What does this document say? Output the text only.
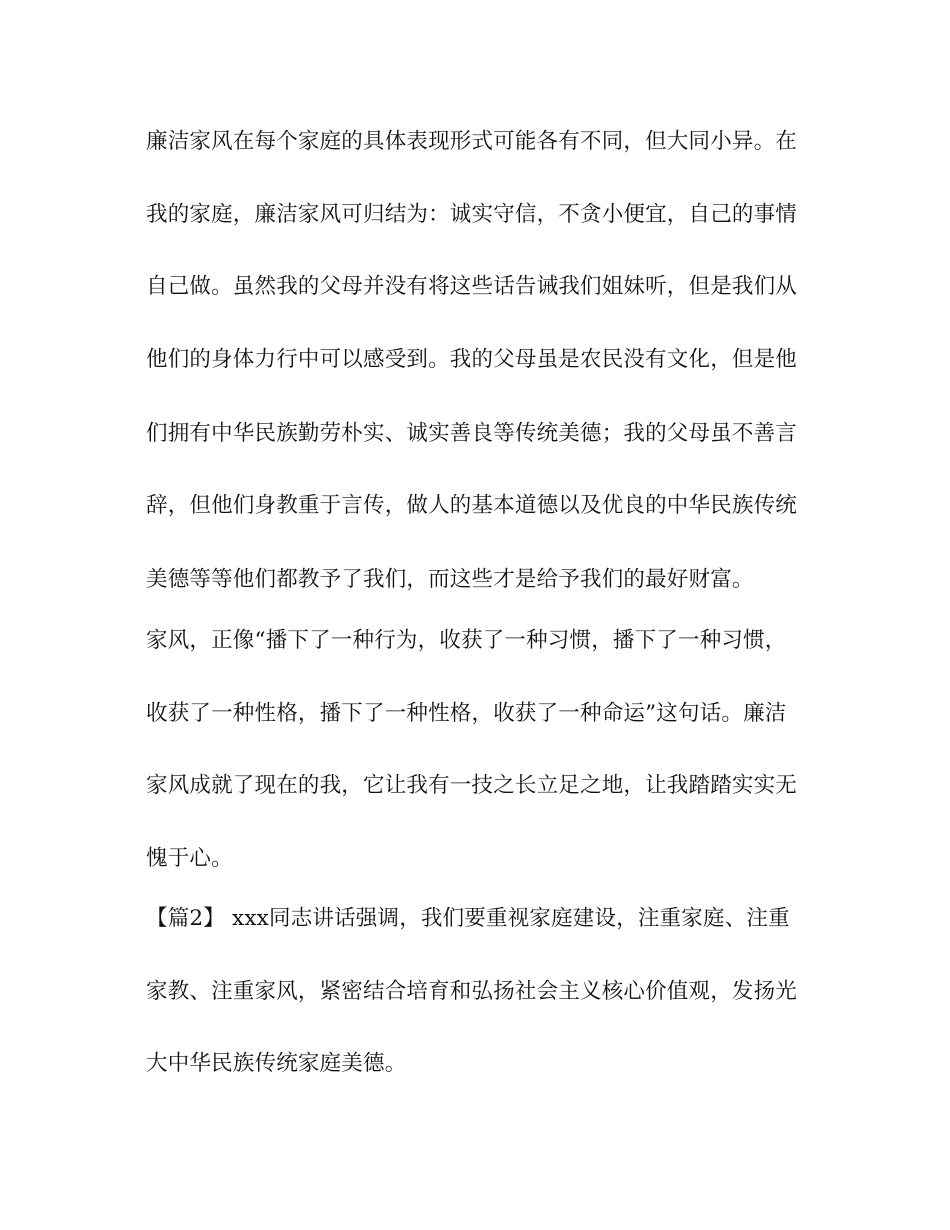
廉洁家风在每个家庭的具体表现形式可能各有不同，但大同小异。在
我的家庭，廉洁家风可归结为：诚实守信，不贪小便宜，自己的事情
自己做。虽然我的父母并没有将这些话告诫我们姐妹听，但是我们从
他们的身体力行中可以感受到。我的父母虽是农民没有文化，但是他
们拥有中华民族勤劳朴实、诚实善良等传统美德；我的父母虽不善言
辞，但他们身教重于言传，做人的基本道德以及优良的中华民族传统
美德等等他们都教予了我们，而这些才是给予我们的最好财富。
家风，正像“播下了一种行为，收获了一种习惯，播下了一种习惯，
收获了一种性格，播下了一种性格，收获了一种命运”这句话。廉洁
家风成就了现在的我，它让我有一技之长立足之地，让我踏踏实实无
愧于心。
【篇2】 xxx同志讲话强调，我们要重视家庭建设，注重家庭、注重
家教、注重家风，紧密结合培育和弘扬社会主义核心价值观，发扬光
大中华民族传统家庭美德。
